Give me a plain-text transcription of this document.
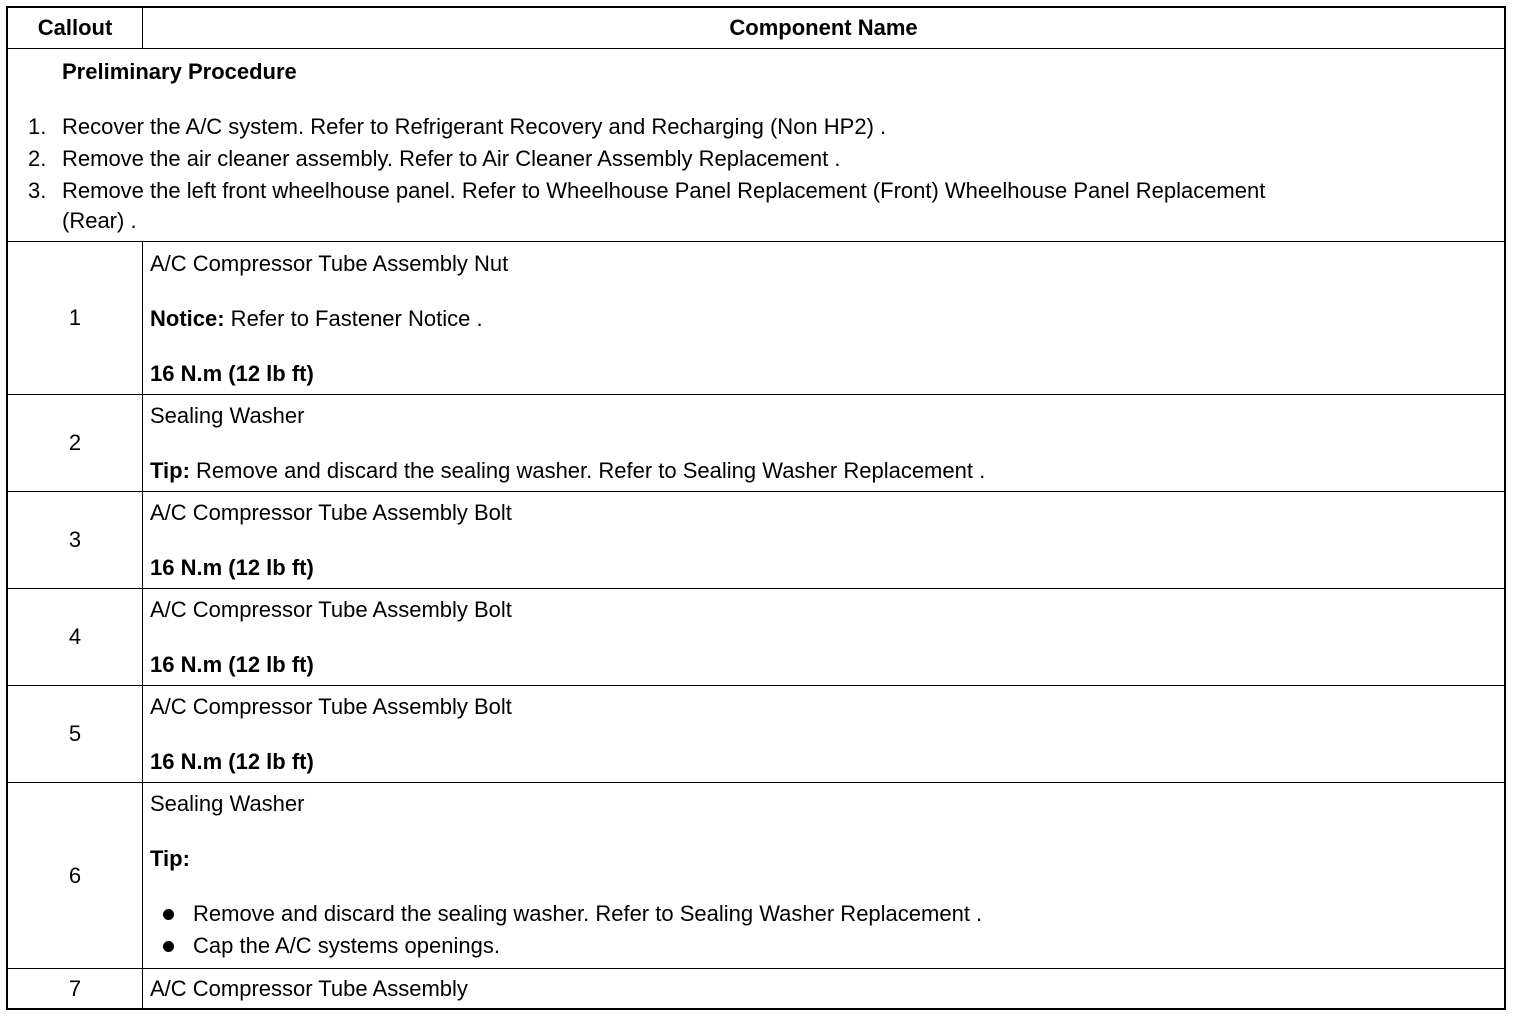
Callout	Component Name
Preliminary Procedure
1. Recover the A/C system. Refer to Refrigerant Recovery and Recharging (Non HP2) .
2. Remove the air cleaner assembly. Refer to Air Cleaner Assembly Replacement .
3. Remove the left front wheelhouse panel. Refer to Wheelhouse Panel Replacement (Front) Wheelhouse Panel Replacement
(Rear) .
1
A/C Compressor Tube Assembly Nut
Notice: Refer to Fastener Notice .
16 N.m (12 lb ft)
2
Sealing Washer
Tip: Remove and discard the sealing washer. Refer to Sealing Washer Replacement .
3
A/C Compressor Tube Assembly Bolt
16 N.m (12 lb ft)
4
A/C Compressor Tube Assembly Bolt
16 N.m (12 lb ft)
5
A/C Compressor Tube Assembly Bolt
16 N.m (12 lb ft)
6
Sealing Washer
Tip:
Remove and discard the sealing washer. Refer to Sealing Washer Replacement .
Cap the A/C systems openings.
7	A/C Compressor Tube Assembly
